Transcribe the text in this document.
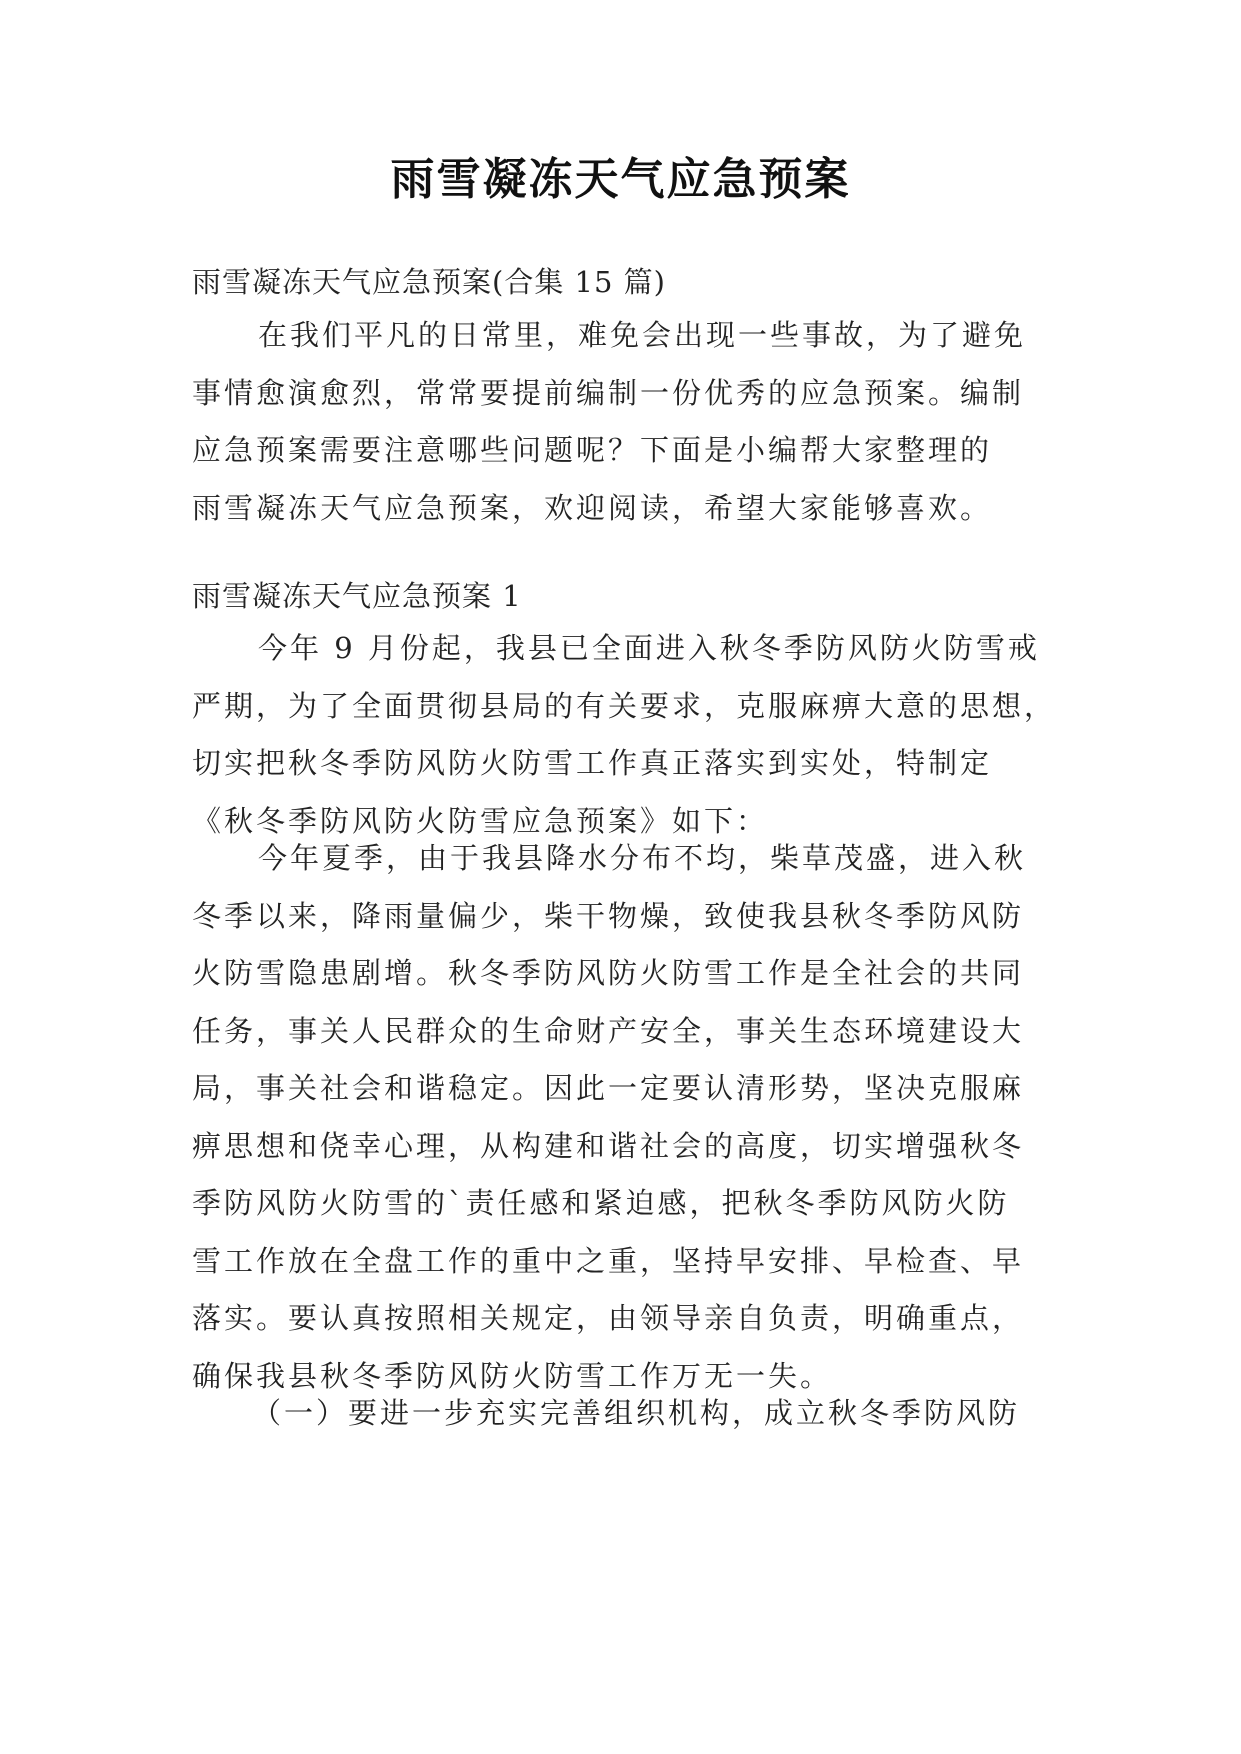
雨雪凝冻天气应急预案
雨雪凝冻天气应急预案(合集 15 篇)
在我们平凡的日常里，难免会出现一些事故，为了避免
事情愈演愈烈，常常要提前编制一份优秀的应急预案。编制
应急预案需要注意哪些问题呢？下面是小编帮大家整理的
雨雪凝冻天气应急预案，欢迎阅读，希望大家能够喜欢。
雨雪凝冻天气应急预案 1
今年 9 月份起，我县已全面进入秋冬季防风防火防雪戒
严期，为了全面贯彻县局的有关要求，克服麻痹大意的思想，
切实把秋冬季防风防火防雪工作真正落实到实处，特制定
《秋冬季防风防火防雪应急预案》如下：
今年夏季，由于我县降水分布不均，柴草茂盛，进入秋
冬季以来，降雨量偏少，柴干物燥，致使我县秋冬季防风防
火防雪隐患剧增。秋冬季防风防火防雪工作是全社会的共同
任务，事关人民群众的生命财产安全，事关生态环境建设大
局，事关社会和谐稳定。因此一定要认清形势，坚决克服麻
痹思想和侥幸心理，从构建和谐社会的高度，切实增强秋冬
季防风防火防雪的`责任感和紧迫感，把秋冬季防风防火防
雪工作放在全盘工作的重中之重，坚持早安排、早检查、早
落实。要认真按照相关规定，由领导亲自负责，明确重点，
确保我县秋冬季防风防火防雪工作万无一失。
（一）要进一步充实完善组织机构，成立秋冬季防风防
